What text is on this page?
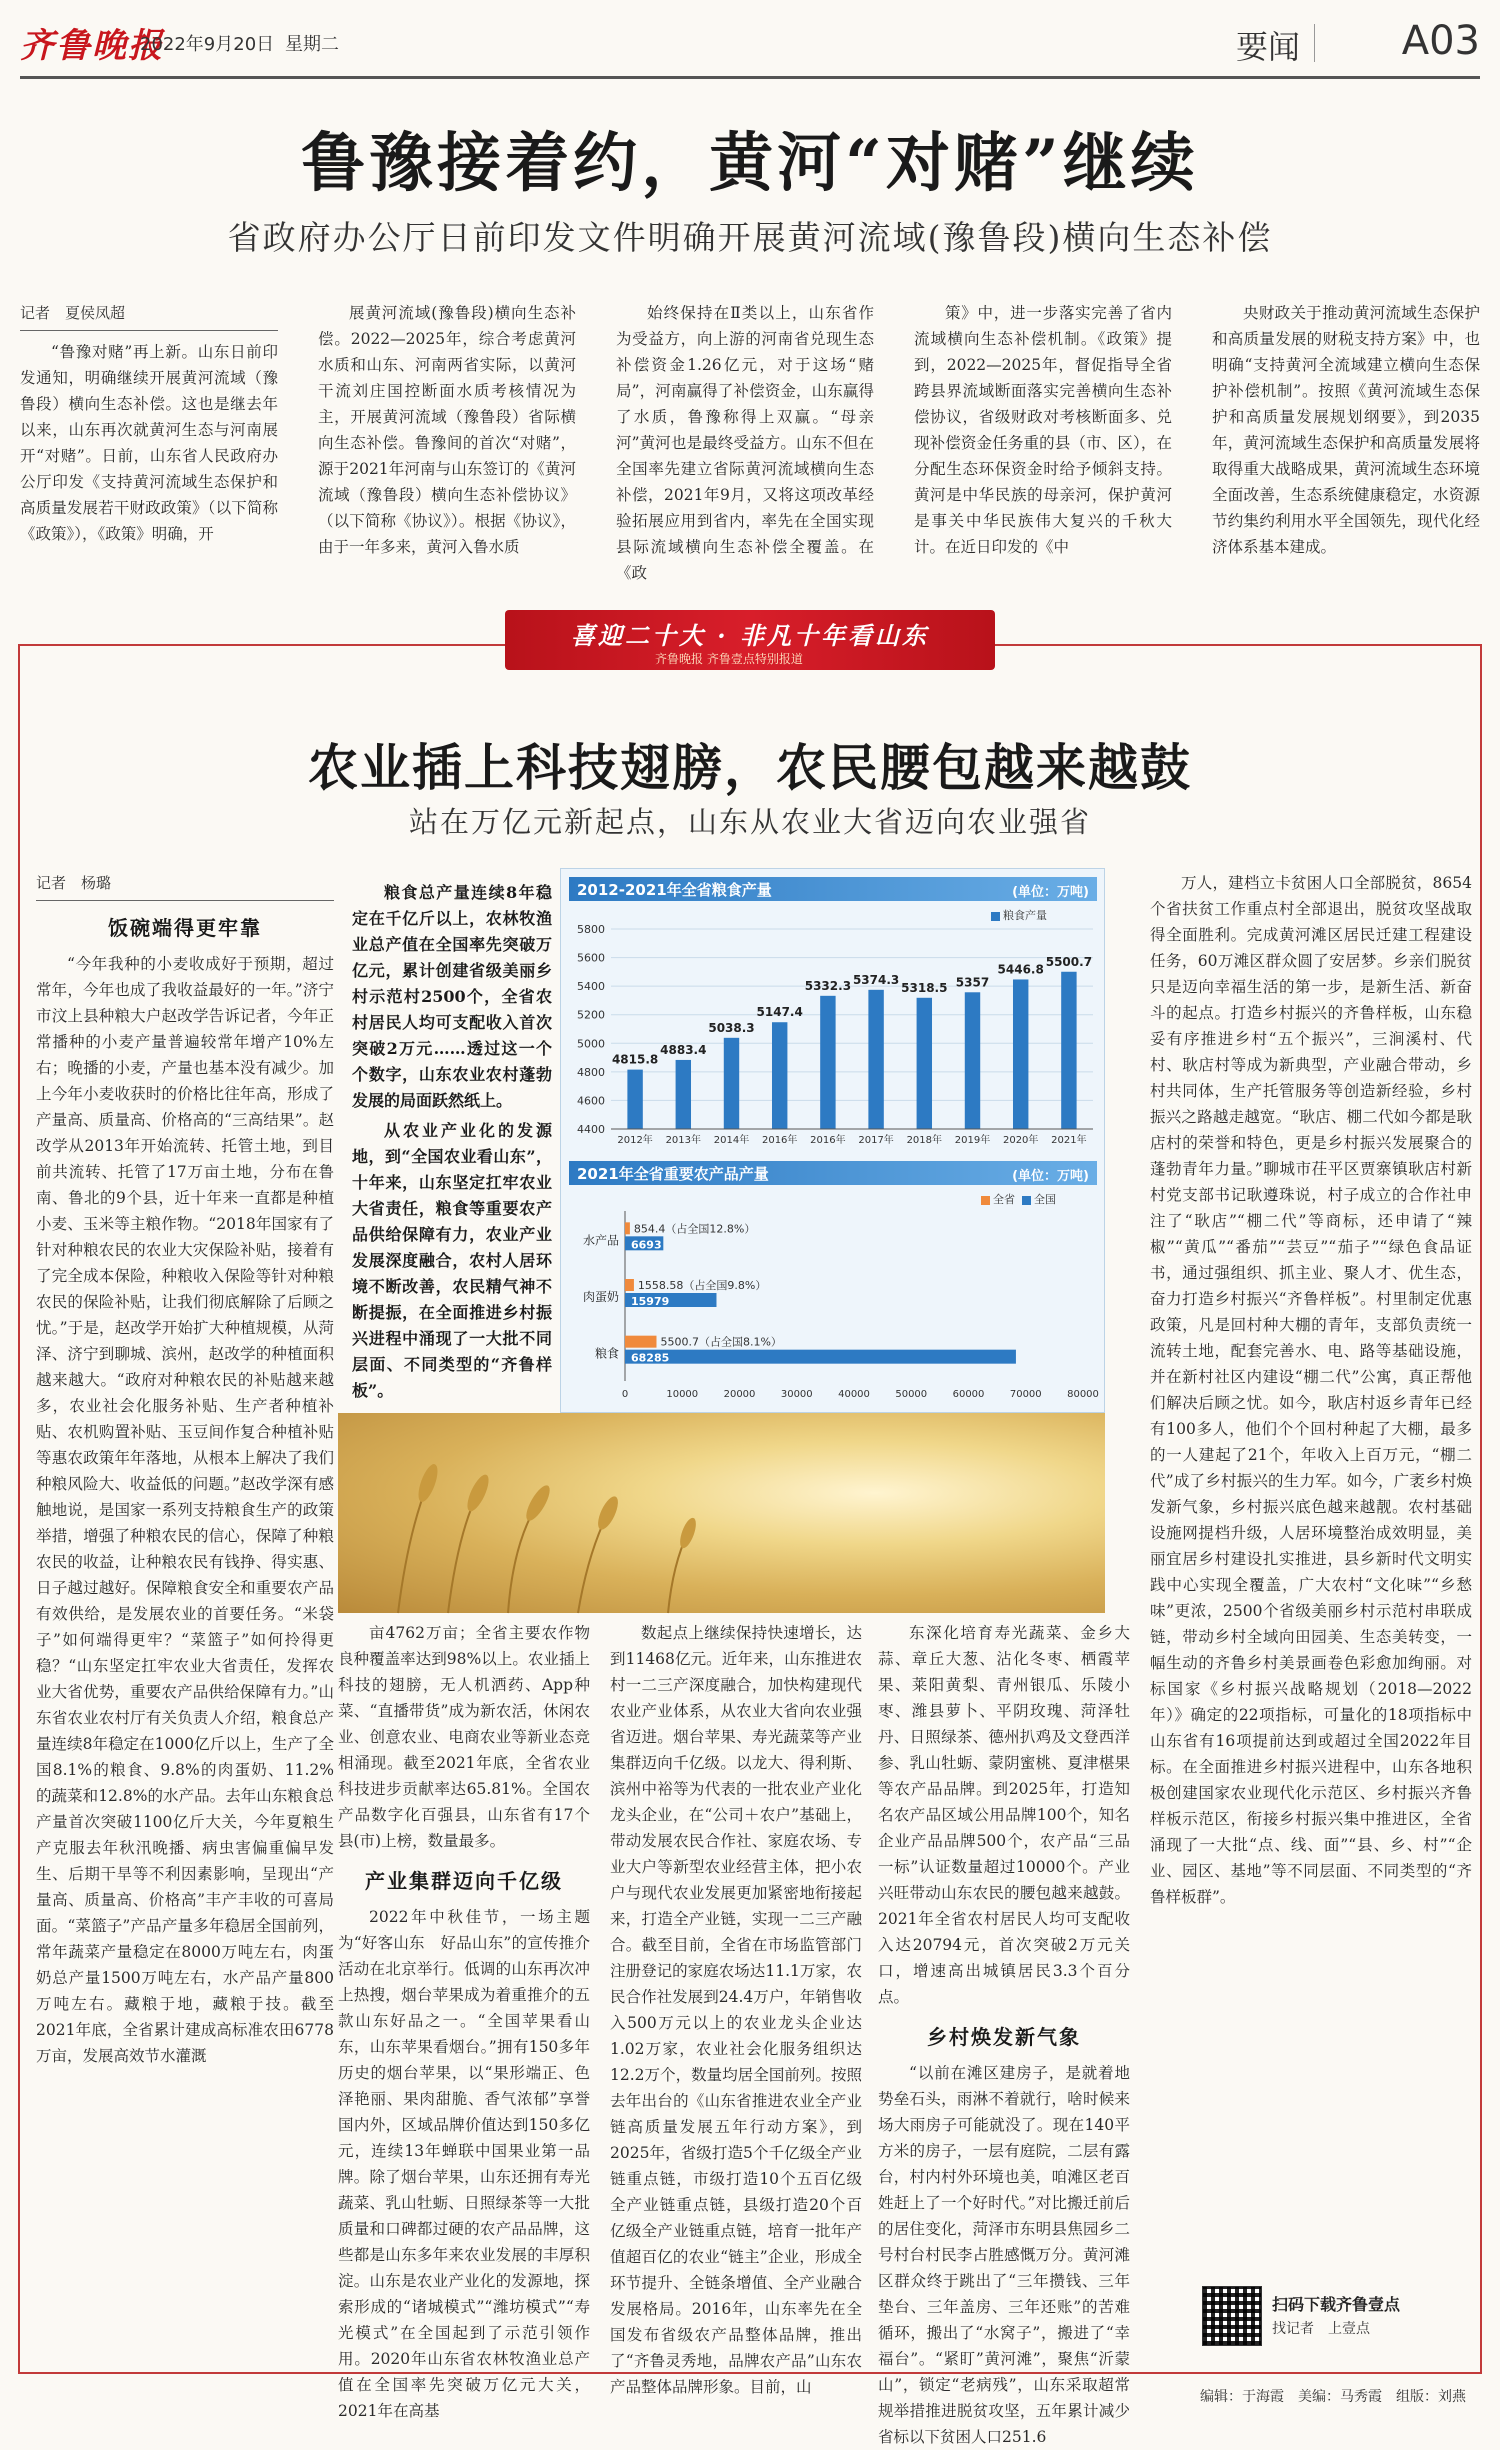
齐鲁晚报
2022年9月20日 星期二	要闻	A03
鲁豫接着约，黄河“对赌”继续
省政府办公厅日前印发文件明确开展黄河流域(豫鲁段)横向生态补偿
记者　夏侯凤超

“鲁豫对赌”再上新。山东日前印发通知，明确继续开展黄河流域（豫鲁段）横向生态补偿。这也是继去年以来，山东再次就黄河生态与河南展开“对赌”。日前，山东省人民政府办公厅印发《支持黄河流域生态保护和高质量发展若干财政政策》（以下简称《政策》），《政策》明确，开

展黄河流域(豫鲁段)横向生态补偿。2022—2025年，综合考虑黄河水质和山东、河南两省实际，以黄河干流刘庄国控断面水质考核情况为主，开展黄河流域（豫鲁段）省际横向生态补偿。鲁豫间的首次“对赌”，源于2021年河南与山东签订的《黄河流域（豫鲁段）横向生态补偿协议》（以下简称《协议》）。根据《协议》，由于一年多来，黄河入鲁水质

始终保持在Ⅱ类以上，山东省作为受益方，向上游的河南省兑现生态补偿资金1.26亿元，对于这场“赌局”，河南赢得了补偿资金，山东赢得了水质，鲁豫称得上双赢。“母亲河”黄河也是最终受益方。山东不但在全国率先建立省际黄河流域横向生态补偿，2021年9月，又将这项改革经验拓展应用到省内，率先在全国实现县际流域横向生态补偿全覆盖。在《政

策》中，进一步落实完善了省内流域横向生态补偿机制。《政策》提到，2022—2025年，督促指导全省跨县界流域断面落实完善横向生态补偿协议，省级财政对考核断面多、兑现补偿资金任务重的县（市、区），在分配生态环保资金时给予倾斜支持。黄河是中华民族的母亲河，保护黄河是事关中华民族伟大复兴的千秋大计。在近日印发的《中

央财政关于推动黄河流域生态保护和高质量发展的财税支持方案》中，也明确“支持黄河全流域建立横向生态保护补偿机制”。按照《黄河流域生态保护和高质量发展规划纲要》，到2035年，黄河流域生态保护和高质量发展将取得重大战略成果，黄河流域生态环境全面改善，生态系统健康稳定，水资源节约集约利用水平全国领先，现代化经济体系基本建成。

喜迎二十大 · 非凡十年看山东
齐鲁晚报 齐鲁壹点特别报道
农业插上科技翅膀，农民腰包越来越鼓
站在万亿元新起点，山东从农业大省迈向农业强省
记者　杨璐
饭碗端得更牢靠

“今年我种的小麦收成好于预期，超过常年，今年也成了我收益最好的一年。”济宁市汶上县种粮大户赵改学告诉记者，今年正常播种的小麦产量普遍较常年增产10%左右；晚播的小麦，产量也基本没有减少。加上今年小麦收获时的价格比往年高，形成了产量高、质量高、价格高的“三高结果”。赵改学从2013年开始流转、托管土地，到目前共流转、托管了17万亩土地，分布在鲁南、鲁北的9个县，近十年来一直都是种植小麦、玉米等主粮作物。“2018年国家有了针对种粮农民的农业大灾保险补贴，接着有了完全成本保险，种粮收入保险等针对种粮农民的保险补贴，让我们彻底解除了后顾之忧。”于是，赵改学开始扩大种植规模，从菏泽、济宁到聊城、滨州，赵改学的种植面积越来越大。“政府对种粮农民的补贴越来越多，农业社会化服务补贴、生产者种植补贴、农机购置补贴、玉豆间作复合种植补贴等惠农政策年年落地，从根本上解决了我们种粮风险大、收益低的问题。”赵改学深有感触地说，是国家一系列支持粮食生产的政策举措，增强了种粮农民的信心，保障了种粮农民的收益，让种粮农民有钱挣、得实惠、日子越过越好。保障粮食安全和重要农产品有效供给，是发展农业的首要任务。“米袋子”如何端得更牢？“菜篮子”如何拎得更稳？“山东坚定扛牢农业大省责任，发挥农业大省优势，重要农产品供给保障有力。”山东省农业农村厅有关负责人介绍，粮食总产量连续8年稳定在1000亿斤以上，生产了全国8.1%的粮食、9.8%的肉蛋奶、11.2%的蔬菜和12.8%的水产品。去年山东粮食总产量首次突破1100亿斤大关，今年夏粮生产克服去年秋汛晚播、病虫害偏重偏早发生、后期干旱等不利因素影响，呈现出“产量高、质量高、价格高”丰产丰收的可喜局面。“菜篮子”产品产量多年稳居全国前列，常年蔬菜产量稳定在8000万吨左右，肉蛋奶总产量1500万吨左右，水产品产量800万吨左右。藏粮于地，藏粮于技。截至2021年底，全省累计建成高标准农田6778万亩，发展高效节水灌溉

粮食总产量连续8年稳定在千亿斤以上，农林牧渔业总产值在全国率先突破万亿元，累计创建省级美丽乡村示范村2500个，全省农村居民人均可支配收入首次突破2万元……透过这一个个数字，山东农业农村蓬勃发展的局面跃然纸上。

从农业产业化的发源地，到“全国农业看山东”，十年来，山东坚定扛牢农业大省责任，粮食等重要农产品供给保障有力，农业产业发展深度融合，农村人居环境不断改善，农民精气神不断提振，在全面推进乡村振兴进程中涌现了一大批不同层面、不同类型的“齐鲁样板”。

2012-2021年全省粮食产量	(单位：万吨)
粮食产量
4400
4600
4800
5000
5200
5400
5600
5800
4815.8
2012年
4883.4
2013年
5038.3
2014年
5147.4
2016年
5332.3
2016年
5374.3
2017年
5318.5
2018年
5357
2019年
5446.8
2020年
5500.7
2021年
2021年全省重要农产品产量	(单位：万吨)
全省 全国
0	10000	20000	30000	40000	50000	60000	70000	80000
水产品
854.4（占全国12.8%）
6693
肉蛋奶
1558.58（占全国9.8%）
15979
粮食
5500.7（占全国8.1%）
68285

亩4762万亩；全省主要农作物良种覆盖率达到98%以上。农业插上科技的翅膀，无人机洒药、App种菜、“直播带货”成为新农活，休闲农业、创意农业、电商农业等新业态竞相涌现。截至2021年底，全省农业科技进步贡献率达65.81%。全国农产品数字化百强县，山东省有17个县(市)上榜，数量最多。

产业集群迈向千亿级

2022年中秋佳节，一场主题为“好客山东　好品山东”的宣传推介活动在北京举行。低调的山东再次冲上热搜，烟台苹果成为着重推介的五款山东好品之一。“全国苹果看山东，山东苹果看烟台。”拥有150多年历史的烟台苹果，以“果形端正、色泽艳丽、果肉甜脆、香气浓郁”享誉国内外，区域品牌价值达到150多亿元，连续13年蝉联中国果业第一品牌。除了烟台苹果，山东还拥有寿光蔬菜、乳山牡蛎、日照绿茶等一大批质量和口碑都过硬的农产品品牌，这些都是山东多年来农业发展的丰厚积淀。山东是农业产业化的发源地，探索形成的“诸城模式”“潍坊模式”“寿光模式”在全国起到了示范引领作用。2020年山东省农林牧渔业总产值在全国率先突破万亿元大关，2021年在高基

数起点上继续保持快速增长，达到11468亿元。近年来，山东推进农村一二三产深度融合，加快构建现代农业产业体系，从农业大省向农业强省迈进。烟台苹果、寿光蔬菜等产业集群迈向千亿级。以龙大、得利斯、滨州中裕等为代表的一批农业产业化龙头企业，在“公司＋农户”基础上，带动发展农民合作社、家庭农场、专业大户等新型农业经营主体，把小农户与现代农业发展更加紧密地衔接起来，打造全产业链，实现一二三产融合。截至目前，全省在市场监管部门注册登记的家庭农场达11.1万家，农民合作社发展到24.4万户，年销售收入500万元以上的农业龙头企业达1.02万家，农业社会化服务组织达12.2万个，数量均居全国前列。按照去年出台的《山东省推进农业全产业链高质量发展五年行动方案》，到2025年，省级打造5个千亿级全产业链重点链，市级打造10个五百亿级全产业链重点链，县级打造20个百亿级全产业链重点链，培育一批年产值超百亿的农业“链主”企业，形成全环节提升、全链条增值、全产业融合发展格局。2016年，山东率先在全国发布省级农产品整体品牌，推出了“齐鲁灵秀地，品牌农产品”山东农产品整体品牌形象。目前，山

东深化培育寿光蔬菜、金乡大蒜、章丘大葱、沾化冬枣、栖霞苹果、莱阳黄梨、青州银瓜、乐陵小枣、潍县萝卜、平阴玫瑰、菏泽牡丹、日照绿茶、德州扒鸡及文登西洋参、乳山牡蛎、蒙阴蜜桃、夏津椹果等农产品品牌。到2025年，打造知名农产品区域公用品牌100个，知名企业产品品牌500个，农产品“三品一标”认证数量超过10000个。产业兴旺带动山东农民的腰包越来越鼓。2021年全省农村居民人均可支配收入达20794元，首次突破2万元关口，增速高出城镇居民3.3个百分点。

乡村焕发新气象

“以前在滩区建房子，是就着地势垒石头，雨淋不着就行，啥时候来场大雨房子可能就没了。现在140平方米的房子，一层有庭院，二层有露台，村内村外环境也美，咱滩区老百姓赶上了一个好时代。”对比搬迁前后的居住变化，菏泽市东明县焦园乡二号村台村民李占胜感慨万分。黄河滩区群众终于跳出了“三年攒钱、三年垫台、三年盖房、三年还账”的苦难循环，搬出了“水窝子”，搬进了“幸福台”。“紧盯”黄河滩”，聚焦“沂蒙山”，锁定“老病残”，山东采取超常规举措推进脱贫攻坚，五年累计减少省标以下贫困人口251.6

万人，建档立卡贫困人口全部脱贫，8654个省扶贫工作重点村全部退出，脱贫攻坚战取得全面胜利。完成黄河滩区居民迁建工程建设任务，60万滩区群众圆了安居梦。乡亲们脱贫只是迈向幸福生活的第一步，是新生活、新奋斗的起点。打造乡村振兴的齐鲁样板，山东稳妥有序推进乡村“五个振兴”，三涧溪村、代村、耿店村等成为新典型，产业融合带动，乡村共同体，生产托管服务等创造新经验，乡村振兴之路越走越宽。“耿店、棚二代如今都是耿店村的荣誉和特色，更是乡村振兴发展聚合的蓬勃青年力量。”聊城市茌平区贾寨镇耿店村新村党支部书记耿遵珠说，村子成立的合作社申注了“耿店”“棚二代”等商标，还申请了“辣椒”“黄瓜”“番茄”“芸豆”“茄子”“绿色食品证书，通过强组织、抓主业、聚人才、优生态，奋力打造乡村振兴“齐鲁样板”。村里制定优惠政策，凡是回村种大棚的青年，支部负责统一流转土地，配套完善水、电、路等基础设施，并在新村社区内建设“棚二代”公寓，真正帮他们解决后顾之忧。如今，耿店村返乡青年已经有100多人，他们个个回村种起了大棚，最多的一人建起了21个，年收入上百万元，“棚二代”成了乡村振兴的生力军。如今，广袤乡村焕发新气象，乡村振兴底色越来越靓。农村基础设施网提档升级，人居环境整治成效明显，美丽宜居乡村建设扎实推进，县乡新时代文明实践中心实现全覆盖，广大农村“文化味”“乡愁味”更浓，2500个省级美丽乡村示范村串联成链，带动乡村全域向田园美、生态美转变，一幅生动的齐鲁乡村美景画卷色彩愈加绚丽。对标国家《乡村振兴战略规划（2018—2022年）》确定的22项指标，可量化的18项指标中山东省有16项提前达到或超过全国2022年目标。在全面推进乡村振兴进程中，山东各地积极创建国家农业现代化示范区、乡村振兴齐鲁样板示范区，衔接乡村振兴集中推进区，全省涌现了一大批“点、线、面”“县、乡、村”“企业、园区、基地”等不同层面、不同类型的“齐鲁样板群”。

扫码下载齐鲁壹点
找记者　上壹点
编辑：于海霞　美编：马秀霞　组版：刘燕
